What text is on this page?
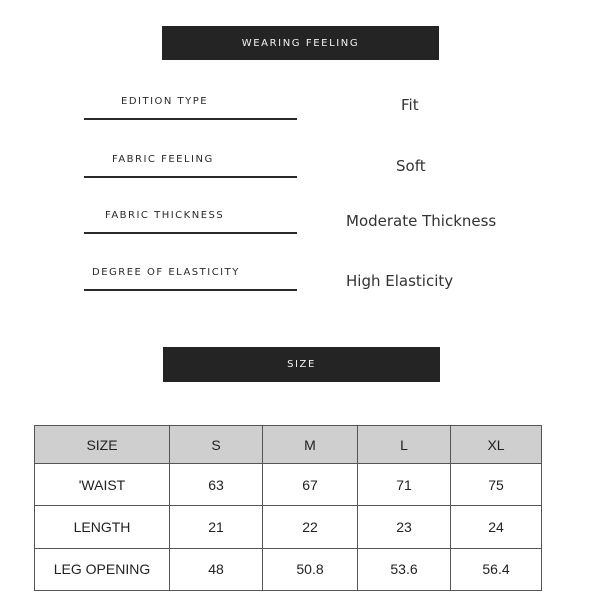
WEARING FEELING
EDITION TYPE	Fit
FABRIC FEELING	Soft
FABRIC THICKNESS	Moderate Thickness
DEGREE OF ELASTICITY	High Elasticity
SIZE
SIZE	S	M	L	XL
'WAIST	63	67	71	75
LENGTH	21	22	23	24
LEG OPENING	48	50.8	53.6	56.4
